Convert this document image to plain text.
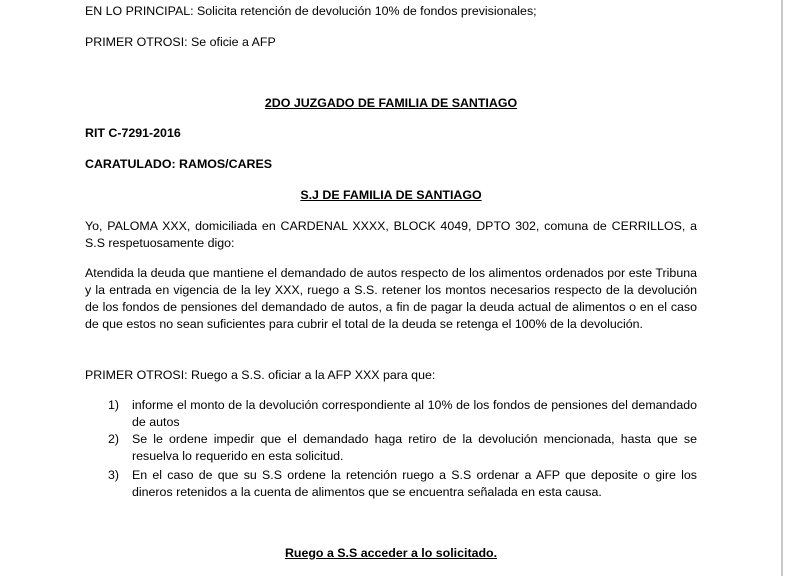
EN LO PRINCIPAL: Solicita retención de devolución 10% de fondos previsionales;

PRIMER OTROSI: Se oficie a AFP

2DO JUZGADO DE FAMILIA DE SANTIAGO

RIT C-7291-2016

CARATULADO: RAMOS/CARES

S.J DE FAMILIA DE SANTIAGO

Yo, PALOMA XXX, domiciliada en CARDENAL XXXX, BLOCK 4049, DPTO 302, comuna de CERRILLOS, a S.S respetuosamente digo:

Atendida la deuda que mantiene el demandado de autos respecto de los alimentos ordenados por este Tribuna y la entrada en vigencia de la ley XXX, ruego a S.S. retener los montos necesarios respecto de la devolución de los fondos de pensiones del demandado de autos, a fin de pagar la deuda actual de alimentos o en el caso de que estos no sean suficientes para cubrir el total de la deuda se retenga el 100% de la devolución.

PRIMER OTROSI: Ruego a S.S. oficiar a la AFP XXX para que:

1) informe el monto de la devolución correspondiente al 10% de los fondos de pensiones del demandado de autos

2) Se le ordene impedir que el demandado haga retiro de la devolución mencionada, hasta que se resuelva lo requerido en esta solicitud.

3) En el caso de que su S.S ordene la retención ruego a S.S ordenar a AFP que deposite o gire los dineros retenidos a la cuenta de alimentos que se encuentra señalada en esta causa.

Ruego a S.S acceder a lo solicitado.
